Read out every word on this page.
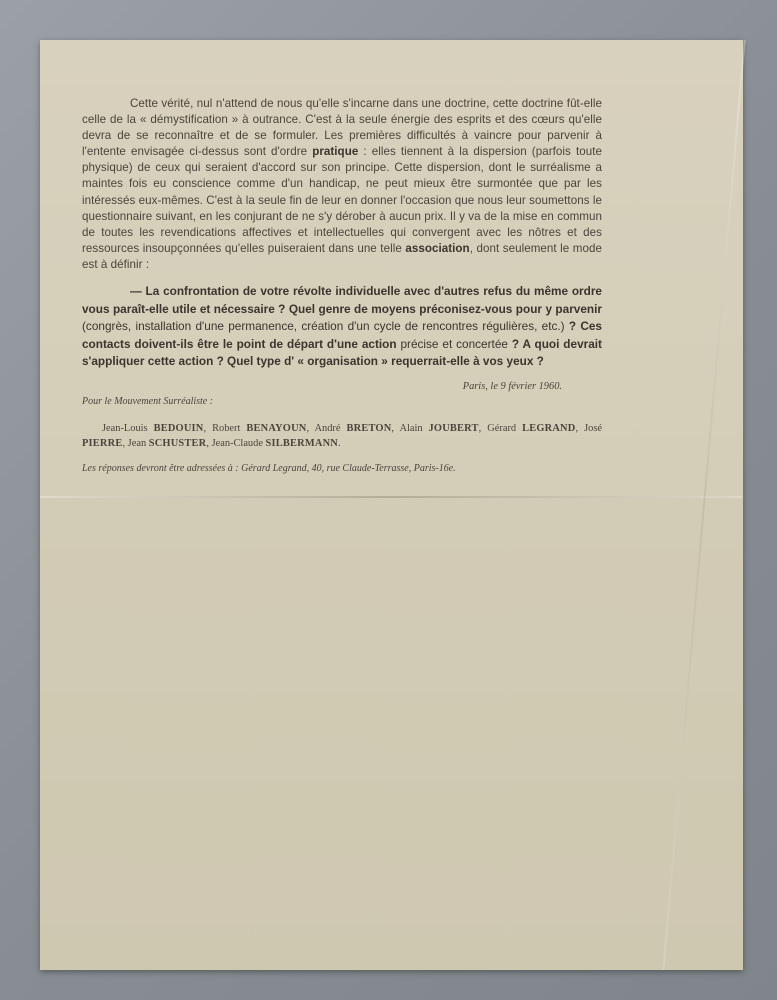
Cette vérité, nul n'attend de nous qu'elle s'incarne dans une doctrine, cette doctrine fût-elle celle de la « démystification » à outrance. C'est à la seule énergie des esprits et des cœurs qu'elle devra de se reconnaître et de se formuler. Les premières difficultés à vaincre pour parvenir à l'entente envisagée ci-dessus sont d'ordre pratique : elles tiennent à la dispersion (parfois toute physique) de ceux qui seraient d'accord sur son principe. Cette dispersion, dont le surréalisme a maintes fois eu conscience comme d'un handicap, ne peut mieux être surmontée que par les intéressés eux-mêmes. C'est à la seule fin de leur en donner l'occasion que nous leur soumettons le questionnaire suivant, en les conjurant de ne s'y dérober à aucun prix. Il y va de la mise en commun de toutes les revendications affectives et intellectuelles qui convergent avec les nôtres et des ressources insoupçonnées qu'elles puiseraient dans une telle association, dont seulement le mode est à définir :

— La confrontation de votre révolte individuelle avec d'autres refus du même ordre vous paraît-elle utile et nécessaire ? Quel genre de moyens préconisez-vous pour y parvenir (congrès, installation d'une permanence, création d'un cycle de rencontres régulières, etc.) ? Ces contacts doivent-ils être le point de départ d'une action précise et concertée ? A quoi devrait s'appliquer cette action ? Quel type d' « organisation » requerrait-elle à vos yeux ?

Paris, le 9 février 1960.

Pour le Mouvement Surréaliste :

Jean-Louis BEDOUIN, Robert BENAYOUN, André BRETON, Alain JOUBERT, Gérard LEGRAND, José PIERRE, Jean SCHUSTER, Jean-Claude SILBERMANN.

Les réponses devront être adressées à : Gérard Legrand, 40, rue Claude-Terrasse, Paris-16e.
